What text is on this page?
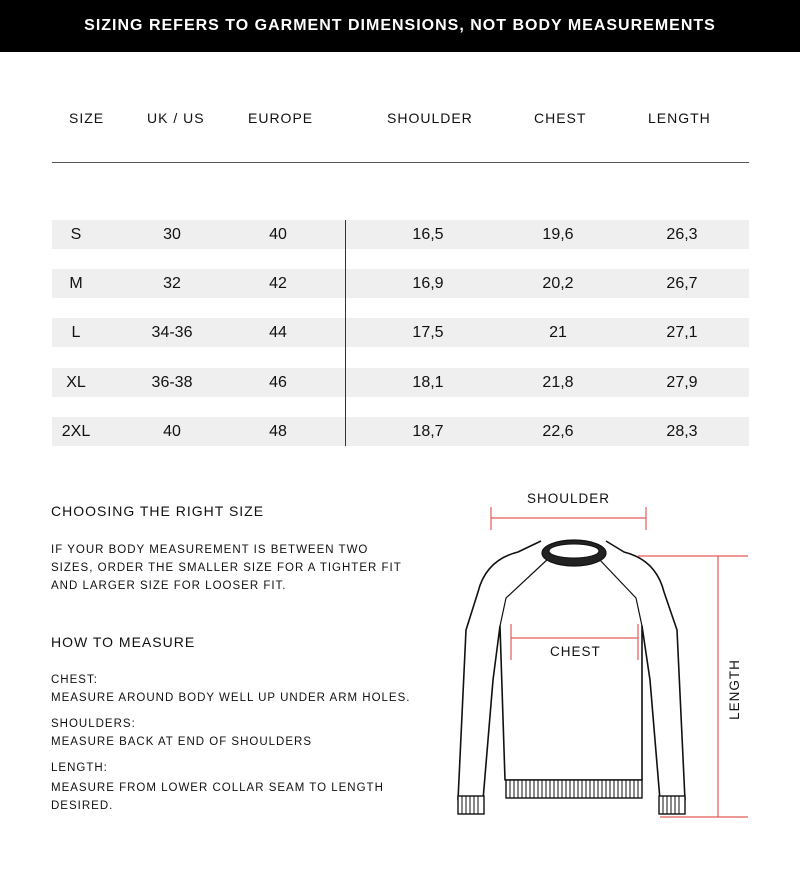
SIZING REFERS TO GARMENT DIMENSIONS, NOT BODY MEASUREMENTS
SIZE	UK / US	EUROPE	SHOULDER	CHEST	LENGTH
S	30	40	16,5	19,6	26,3
M	32	42	16,9	20,2	26,7
L	34-36	44	17,5	21	27,1
XL	36-38	46	18,1	21,8	27,9
2XL	40	48	18,7	22,6	28,3
CHOOSING THE RIGHT SIZE
IF YOUR BODY MEASUREMENT IS BETWEEN TWO
SIZES, ORDER THE SMALLER SIZE FOR A TIGHTER FIT
AND LARGER SIZE FOR LOOSER FIT.
HOW TO MEASURE
CHEST:
MEASURE AROUND BODY WELL UP UNDER ARM HOLES.
SHOULDERS:
MEASURE BACK AT END OF SHOULDERS
LENGTH:
MEASURE FROM LOWER COLLAR SEAM TO LENGTH
DESIRED.
SHOULDER
CHEST
LENGTH
